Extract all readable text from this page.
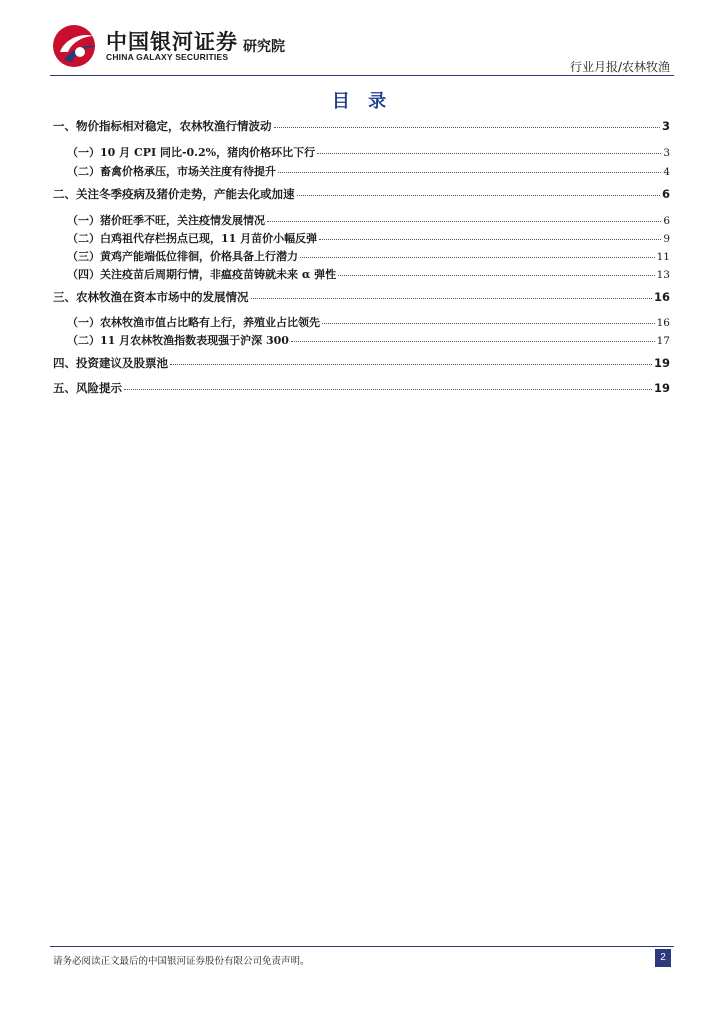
中国银河证券
CHINA GALAXY SECURITIES
研究院
行业月报/农林牧渔
目 录
一、物价指标相对稳定，农林牧渔行情波动	3
（一）10 月 CPI 同比-0.2%，猪肉价格环比下行	3
（二）畜禽价格承压，市场关注度有待提升	4
二、关注冬季疫病及猪价走势，产能去化或加速	6
（一）猪价旺季不旺，关注疫情发展情况	6
（二）白鸡祖代存栏拐点已现，11 月苗价小幅反弹	9
（三）黄鸡产能端低位徘徊，价格具备上行潜力	11
（四）关注疫苗后周期行情，非瘟疫苗铸就未来 α 弹性	13
三、农林牧渔在资本市场中的发展情况	16
（一）农林牧渔市值占比略有上行，养殖业占比领先	16
（二）11 月农林牧渔指数表现强于沪深 300	17
四、投资建议及股票池	19
五、风险提示	19
请务必阅读正文最后的中国银河证券股份有限公司免责声明。	2
